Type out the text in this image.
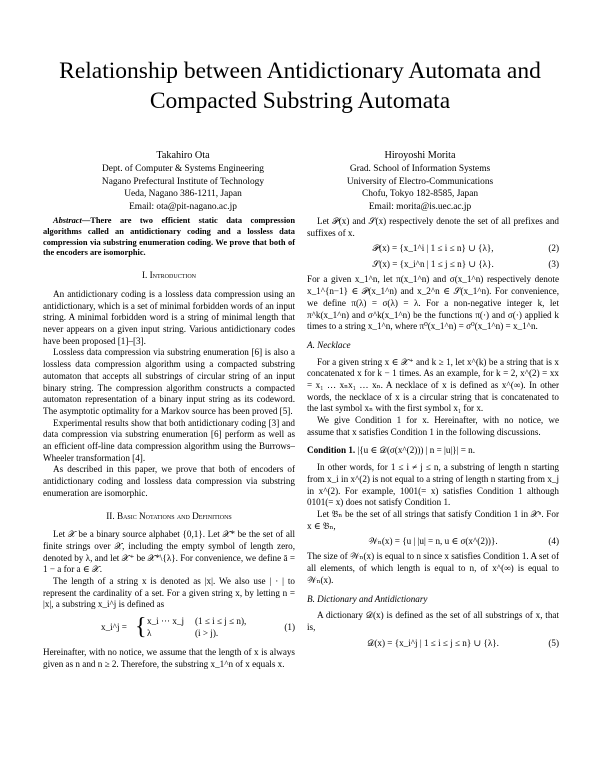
Relationship between Antidictionary Automata and Compacted Substring Automata
Takahiro Ota
Dept. of Computer & Systems Engineering
Nagano Prefectural Institute of Technology
Ueda, Nagano 386-1211, Japan
Email: ota@pit-nagano.ac.jp
Hiroyoshi Morita
Grad. School of Information Systems
University of Electro-Communications
Chofu, Tokyo 182-8585, Japan
Email: morita@is.uec.ac.jp

Abstract—There are two efficient static data compression algorithms called an antidictionary coding and a lossless data compression via substring enumeration coding. We prove that both of the encoders are isomorphic.

I. Introduction

An antidictionary coding is a lossless data compression using an antidictionary, which is a set of minimal forbidden words of an input string. A minimal forbidden word is a string of minimal length that never appears on a given input string. Various antidictionary codes have been proposed [1]–[3].

Lossless data compression via substring enumeration [6] is also a lossless data compression algorithm using a compacted substring automaton that accepts all substrings of circular string of an input binary string. The compression algorithm constructs a compacted automaton representation of a binary input string as its codeword. The asymptotic optimality for a Markov source has been proved [5].

Experimental results show that both antidictionary coding [3] and data compression via substring enumeration [6] perform as well as an efficient off-line data compression algorithm using the Burrows–Wheeler transformation [4].

As described in this paper, we prove that both of encoders of antidictionary coding and lossless data compression via substring enumeration are isomorphic.

II. Basic Notations and Definitions

Let 𝒳 be a binary source alphabet {0,1}. Let 𝒳* be the set of all finite strings over 𝒳, including the empty symbol of length zero, denoted by λ, and let 𝒳⁺ be 𝒳*\{λ}. For convenience, we define ā = 1 − a for a ∈ 𝒳.

The length of a string x is denoted as |x|. We also use | · | to represent the cardinality of a set. For a given string x, by letting n = |x|, a substring x_i^j is defined as

x_i^j = { x_i ··· x_j (1 ≤ i ≤ j ≤ n),
λ	(i > j).
(1)

Hereinafter, with no notice, we assume that the length of x is always given as n and n ≥ 2. Therefore, the substring x_1^n of x equals x.

Let 𝒫(x) and 𝒮(x) respectively denote the set of all prefixes and suffixes of x.

𝒫(x) = {x_1^i | 1 ≤ i ≤ n} ∪ {λ},	(2)
𝒮(x) = {x_i^n | 1 ≤ j ≤ n} ∪ {λ}.	(3)

For a given x_1^n, let π(x_1^n) and σ(x_1^n) respectively denote x_1^{n−1} ∈ 𝒫(x_1^n) and x_2^n ∈ 𝒮(x_1^n). For convenience, we define π(λ) = σ(λ) = λ. For a non-negative integer k, let π^k(x_1^n) and σ^k(x_1^n) be the functions π(·) and σ(·) applied k times to a string x_1^n, where π⁰(x_1^n) = σ⁰(x_1^n) = x_1^n.

A. Necklace

For a given string x ∈ 𝒳⁺ and k ≥ 1, let x^(k) be a string that is x concatenated x for k − 1 times. As an example, for k = 2, x^(2) = xx = x₁ … xₙx₁ … xₙ. A necklace of x is defined as x^(∞). In other words, the necklace of x is a circular string that is concatenated to the last symbol xₙ with the first symbol x₁ for x.

We give Condition 1 for x. Hereinafter, with no notice, we assume that x satisfies Condition 1 in the following discussions.

Condition 1. |{u ∈ 𝒟(σ(x^(2))) | n = |u|}| = n.

In other words, for 1 ≤ i ≠ j ≤ n, a substring of length n starting from x_i in x^(2) is not equal to a string of length n starting from x_j in x^(2). For example, 1001(= x) satisfies Condition 1 although 0101(= x) does not satisfy Condition 1.

Let 𝔅ₙ be the set of all strings that satisfy Condition 1 in 𝒳ⁿ. For x ∈ 𝔅ₙ,

𝒲ₙ(x) = {u | |u| = n, u ∈ σ(x^(2))}.	(4)

The size of 𝒲ₙ(x) is equal to n since x satisfies Condition 1. A set of all elements, of which length is equal to n, of x^(∞) is equal to 𝒲ₙ(x).

B. Dictionary and Antidictionary

A dictionary 𝒟(x) is defined as the set of all substrings of x, that is,

𝒟(x) = {x_i^j | 1 ≤ i ≤ j ≤ n} ∪ {λ}.	(5)
